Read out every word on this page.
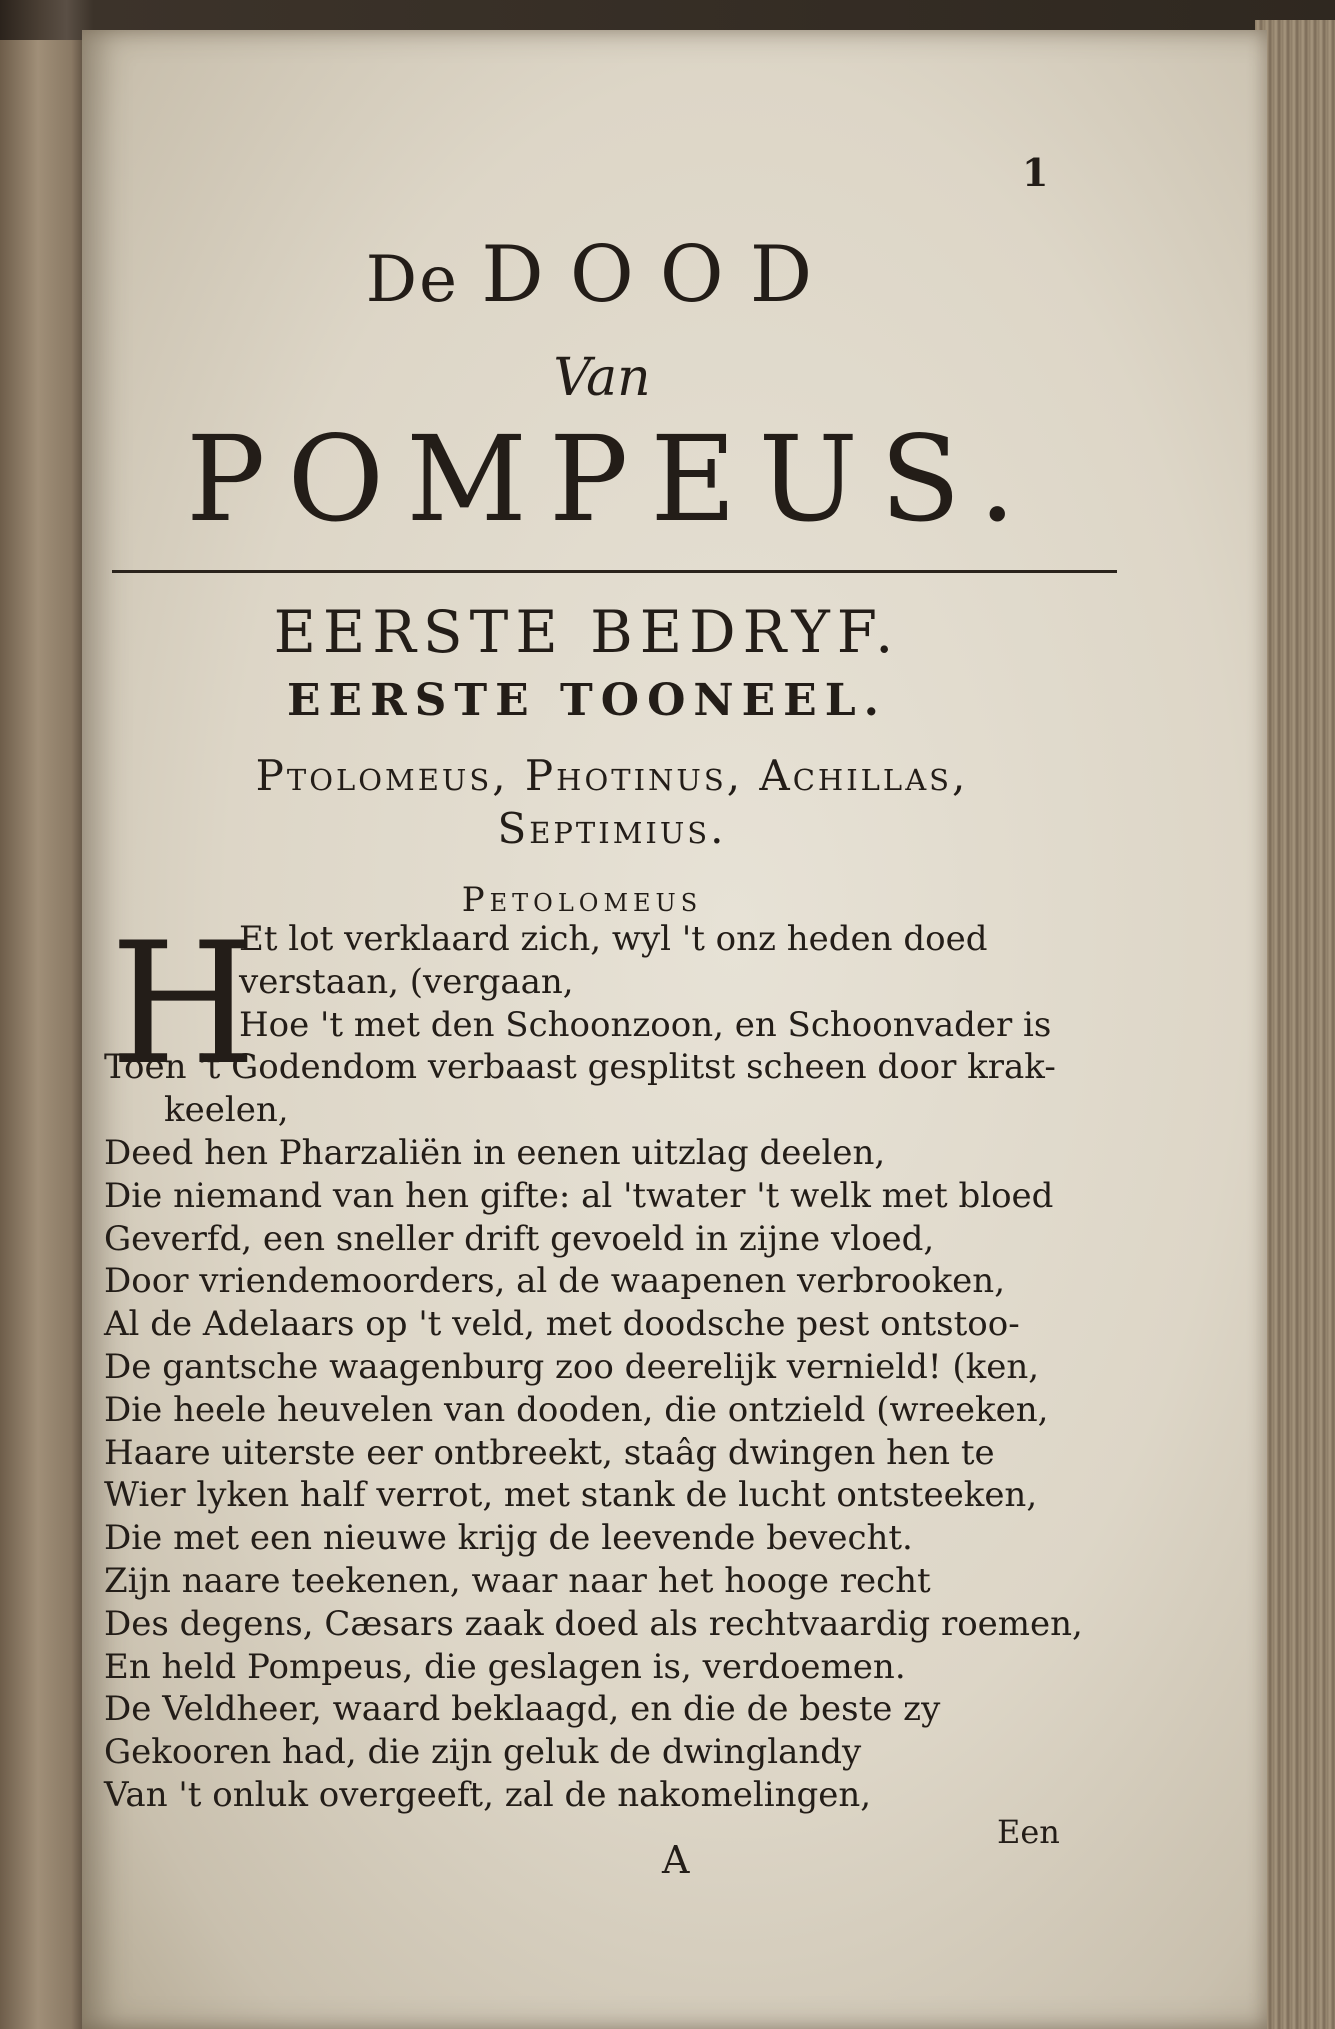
1
De DOOD
Van
POMPEUS.
EERSTE BEDRYF.
EERSTE TOONEEL.
Ptolomeus, Photinus, Achillas,
Septimius.
Petolomeus
H
Et lot verklaard zich, wyl 't onz heden doed
verstaan, (vergaan,
Hoe 't met den Schoonzoon, en Schoonvader is
Toen 't Godendom verbaast gesplitst scheen door krak-
keelen,
Deed hen Pharzaliën in eenen uitzlag deelen,
Die niemand van hen gifte: al 'twater 't welk met bloed
Geverfd, een sneller drift gevoeld in zijne vloed,
Door vriendemoorders, al de waapenen verbrooken,
Al de Adelaars op 't veld, met doodsche pest ontstoo-
De gantsche waagenburg zoo deerelijk vernield! (ken,
Die heele heuvelen van dooden, die ontzield (wreeken,
Haare uiterste eer ontbreekt, staâg dwingen hen te
Wier lyken half verrot, met stank de lucht ontsteeken,
Die met een nieuwe krijg de leevende bevecht.
Zijn naare teekenen, waar naar het hooge recht
Des degens, Cæsars zaak doed als rechtvaardig roemen,
En held Pompeus, die geslagen is, verdoemen.
De Veldheer, waard beklaagd, en die de beste zy
Gekooren had, die zijn geluk de dwinglandy
Van 't onluk overgeeft, zal de nakomelingen,
Een
A
